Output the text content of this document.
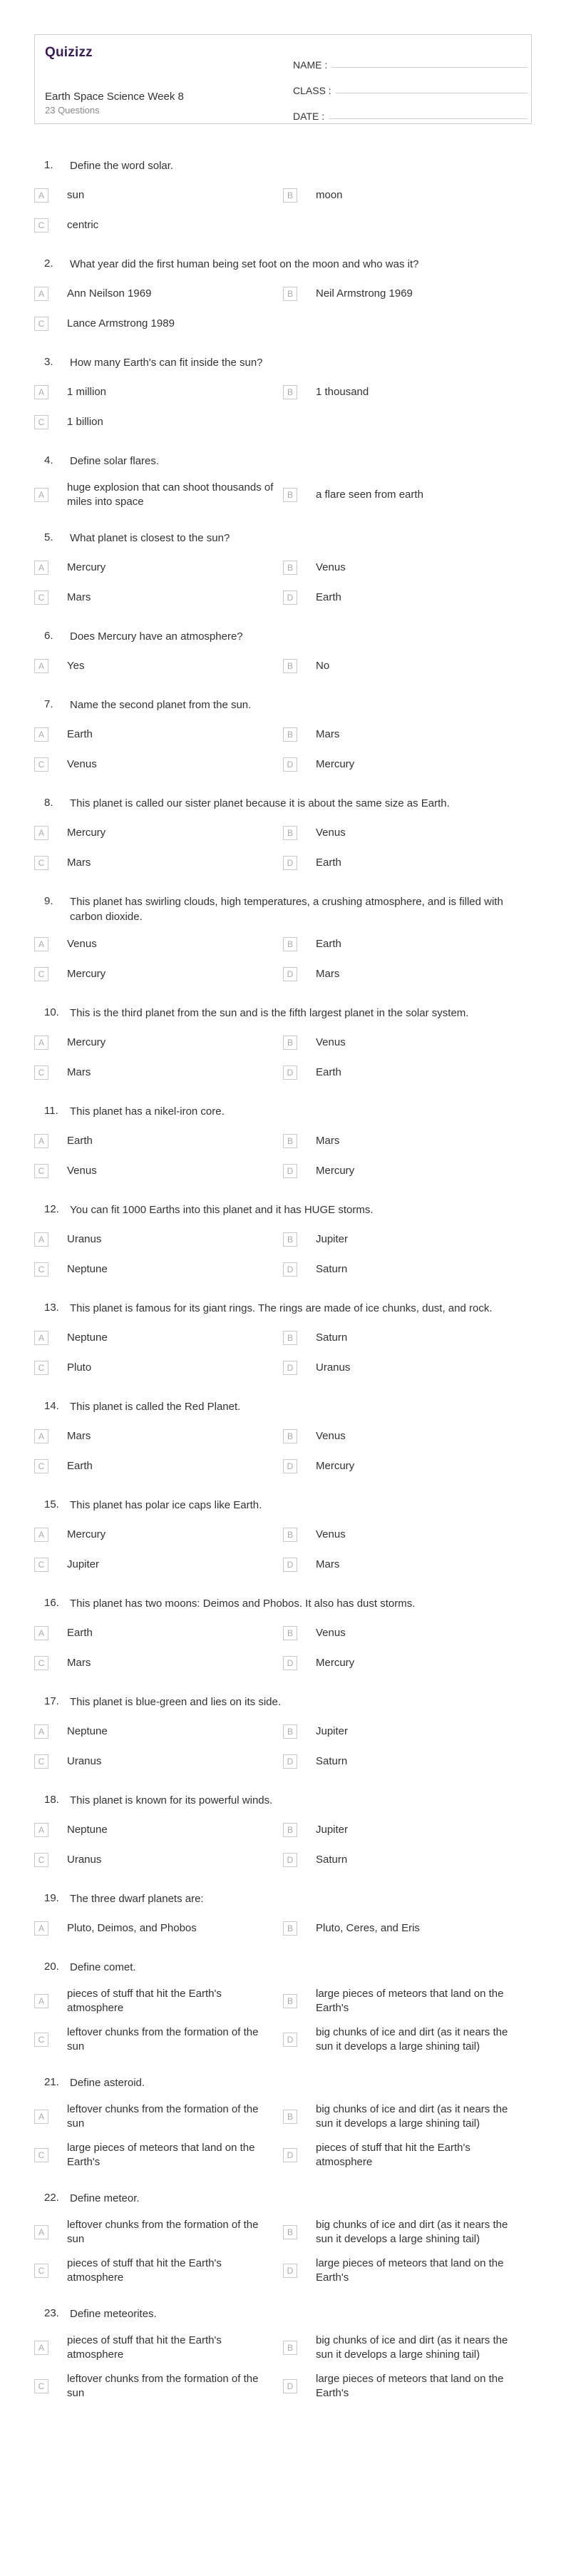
Quizizz
Earth Space Science Week 8
23 Questions
NAME :
CLASS :
DATE :
1.	Define the word solar.
A	sun	B	moon
C	centric
2.	What year did the first human being set foot on the moon and who was it?
A	Ann Neilson 1969	B	Neil Armstrong 1969
C	Lance Armstrong 1989
3.	How many Earth's can fit inside the sun?
A	1 million	B	1 thousand
C	1 billion
4.	Define solar flares.
A
huge explosion that can shoot thousands of miles into space
B	a flare seen from earth
5.	What planet is closest to the sun?
A	Mercury	B	Venus
C	Mars	D	Earth
6.	Does Mercury have an atmosphere?
A	Yes	B	No
7.	Name the second planet from the sun.
A	Earth	B	Mars
C	Venus	D	Mercury
8.	This planet is called our sister planet because it is about the same size as Earth.
A	Mercury	B	Venus
C	Mars	D	Earth
9.	This planet has swirling clouds, high temperatures, a crushing atmosphere, and is filled with carbon dioxide.
A	Venus	B	Earth
C	Mercury	D	Mars
10.	This is the third planet from the sun and is the fifth largest planet in the solar system.
A	Mercury	B	Venus
C	Mars	D	Earth
11.	This planet has a nikel-iron core.
A	Earth	B	Mars
C	Venus	D	Mercury
12.	You can fit 1000 Earths into this planet and it has HUGE storms.
A	Uranus	B	Jupiter
C	Neptune	D	Saturn
13.	This planet is famous for its giant rings. The rings are made of ice chunks, dust, and rock.
A	Neptune	B	Saturn
C	Pluto	D	Uranus
14.	This planet is called the Red Planet.
A	Mars	B	Venus
C	Earth	D	Mercury
15.	This planet has polar ice caps like Earth.
A	Mercury	B	Venus
C	Jupiter	D	Mars
16.	This planet has two moons: Deimos and Phobos. It also has dust storms.
A	Earth	B	Venus
C	Mars	D	Mercury
17.	This planet is blue-green and lies on its side.
A	Neptune	B	Jupiter
C	Uranus	D	Saturn
18.	This planet is known for its powerful winds.
A	Neptune	B	Jupiter
C	Uranus	D	Saturn
19.	The three dwarf planets are:
A	Pluto, Deimos, and Phobos	B	Pluto, Ceres, and Eris
20.	Define comet.
A
pieces of stuff that hit the Earth's atmosphere
B
large pieces of meteors that land on the Earth's
C
leftover chunks from the formation of the sun
D
big chunks of ice and dirt (as it nears the sun it develops a large shining tail)
21.	Define asteroid.
A
leftover chunks from the formation of the sun
B
big chunks of ice and dirt (as it nears the sun it develops a large shining tail)
C
large pieces of meteors that land on the Earth's
D
pieces of stuff that hit the Earth's atmosphere
22.	Define meteor.
A
leftover chunks from the formation of the sun
B
big chunks of ice and dirt (as it nears the sun it develops a large shining tail)
C
pieces of stuff that hit the Earth's atmosphere
D
large pieces of meteors that land on the Earth's
23.	Define meteorites.
A
pieces of stuff that hit the Earth's atmosphere
B
big chunks of ice and dirt (as it nears the sun it develops a large shining tail)
C
leftover chunks from the formation of the sun
D
large pieces of meteors that land on the Earth's
